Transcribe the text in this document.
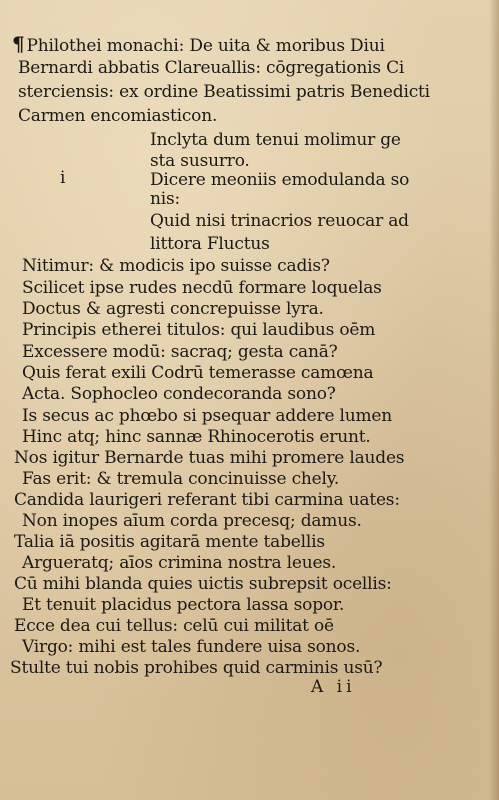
¶ Philothei monachi: De uita & moribus Diui
Bernardi abbatis Clareuallis: cōgregationis Ci
sterciensis: ex ordine Beatissimi patris Benedicti
Carmen encomiasticon.
i
Inclyta dum tenui molimur ge
sta susurro.
Dicere meoniis emodulanda so
nis:
Quid nisi trinacrios reuocar ad
littora Fluctus
Nitimur: & modicis ipo suisse cadis?
Scilicet ipse rudes necdū formare loquelas
Doctus & agresti concrepuisse lyra.
Principis etherei titulos: qui laudibus oēm
Excessere modū: sacraq; gesta canā?
Quis ferat exili Codrū temerasse camœna
Acta. Sophocleo condecoranda sono?
Is secus ac phœbo si psequar addere lumen
Hinc atq; hinc sannæ Rhinocerotis erunt.
Nos igitur Bernarde tuas mihi promere laudes
Fas erit: & tremula concinuisse chely.
Candida laurigeri referant tibi carmina uates:
Non inopes aīum corda precesq; damus.
Talia iā positis agitarā mente tabellis
Argueratq; aīos crimina nostra leues.
Cū mihi blanda quies uictis subrepsit ocellis:
Et tenuit placidus pectora lassa sopor.
Ecce dea cui tellus: celū cui militat oē
Virgo: mihi est tales fundere uisa sonos.
Stulte tui nobis prohibes quid carminis usū?
A ii
